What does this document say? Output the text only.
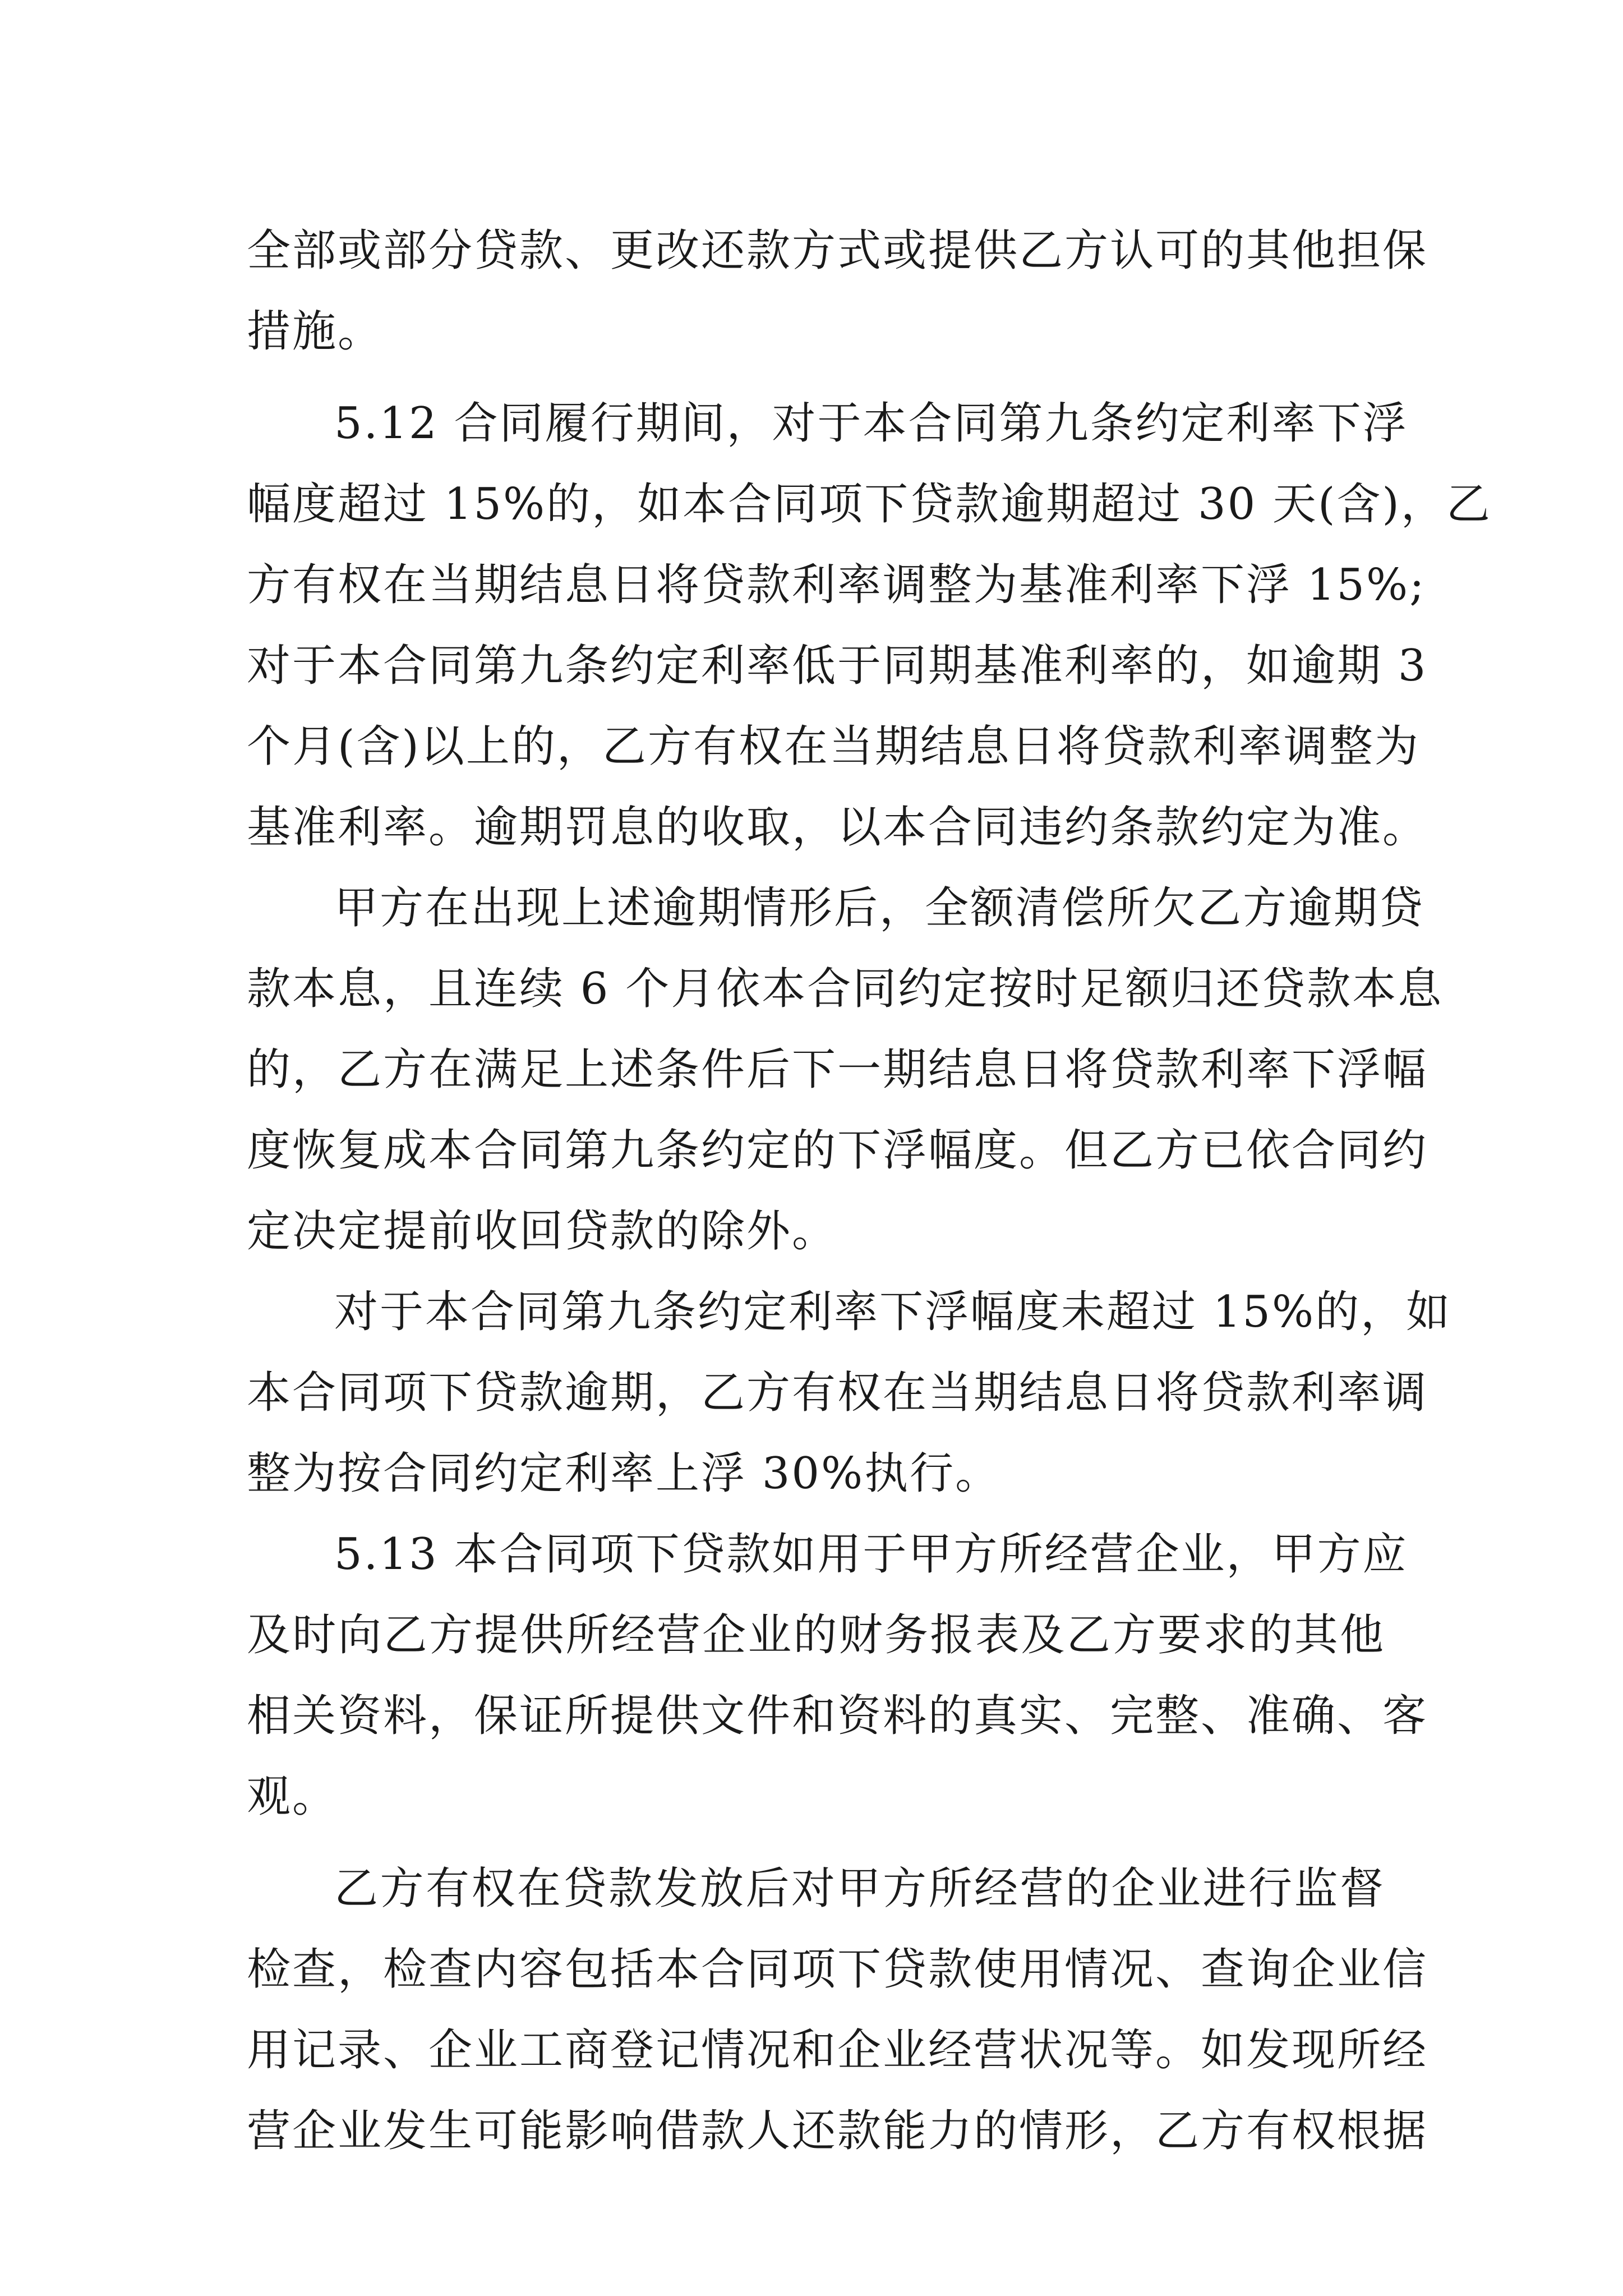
全部或部分贷款、更改还款方式或提供乙方认可的其他担保
措施。
5.12 合同履行期间，对于本合同第九条约定利率下浮
幅度超过 15%的，如本合同项下贷款逾期超过 30 天(含)，乙
方有权在当期结息日将贷款利率调整为基准利率下浮 15%;
对于本合同第九条约定利率低于同期基准利率的，如逾期 3
个月(含)以上的，乙方有权在当期结息日将贷款利率调整为
基准利率。逾期罚息的收取，以本合同违约条款约定为准。
甲方在出现上述逾期情形后，全额清偿所欠乙方逾期贷
款本息，且连续 6 个月依本合同约定按时足额归还贷款本息
的，乙方在满足上述条件后下一期结息日将贷款利率下浮幅
度恢复成本合同第九条约定的下浮幅度。但乙方已依合同约
定决定提前收回贷款的除外。
对于本合同第九条约定利率下浮幅度未超过 15%的，如
本合同项下贷款逾期，乙方有权在当期结息日将贷款利率调
整为按合同约定利率上浮 30%执行。
5.13 本合同项下贷款如用于甲方所经营企业，甲方应
及时向乙方提供所经营企业的财务报表及乙方要求的其他
相关资料，保证所提供文件和资料的真实、完整、准确、客
观。
乙方有权在贷款发放后对甲方所经营的企业进行监督
检查，检查内容包括本合同项下贷款使用情况、查询企业信
用记录、企业工商登记情况和企业经营状况等。如发现所经
营企业发生可能影响借款人还款能力的情形，乙方有权根据
